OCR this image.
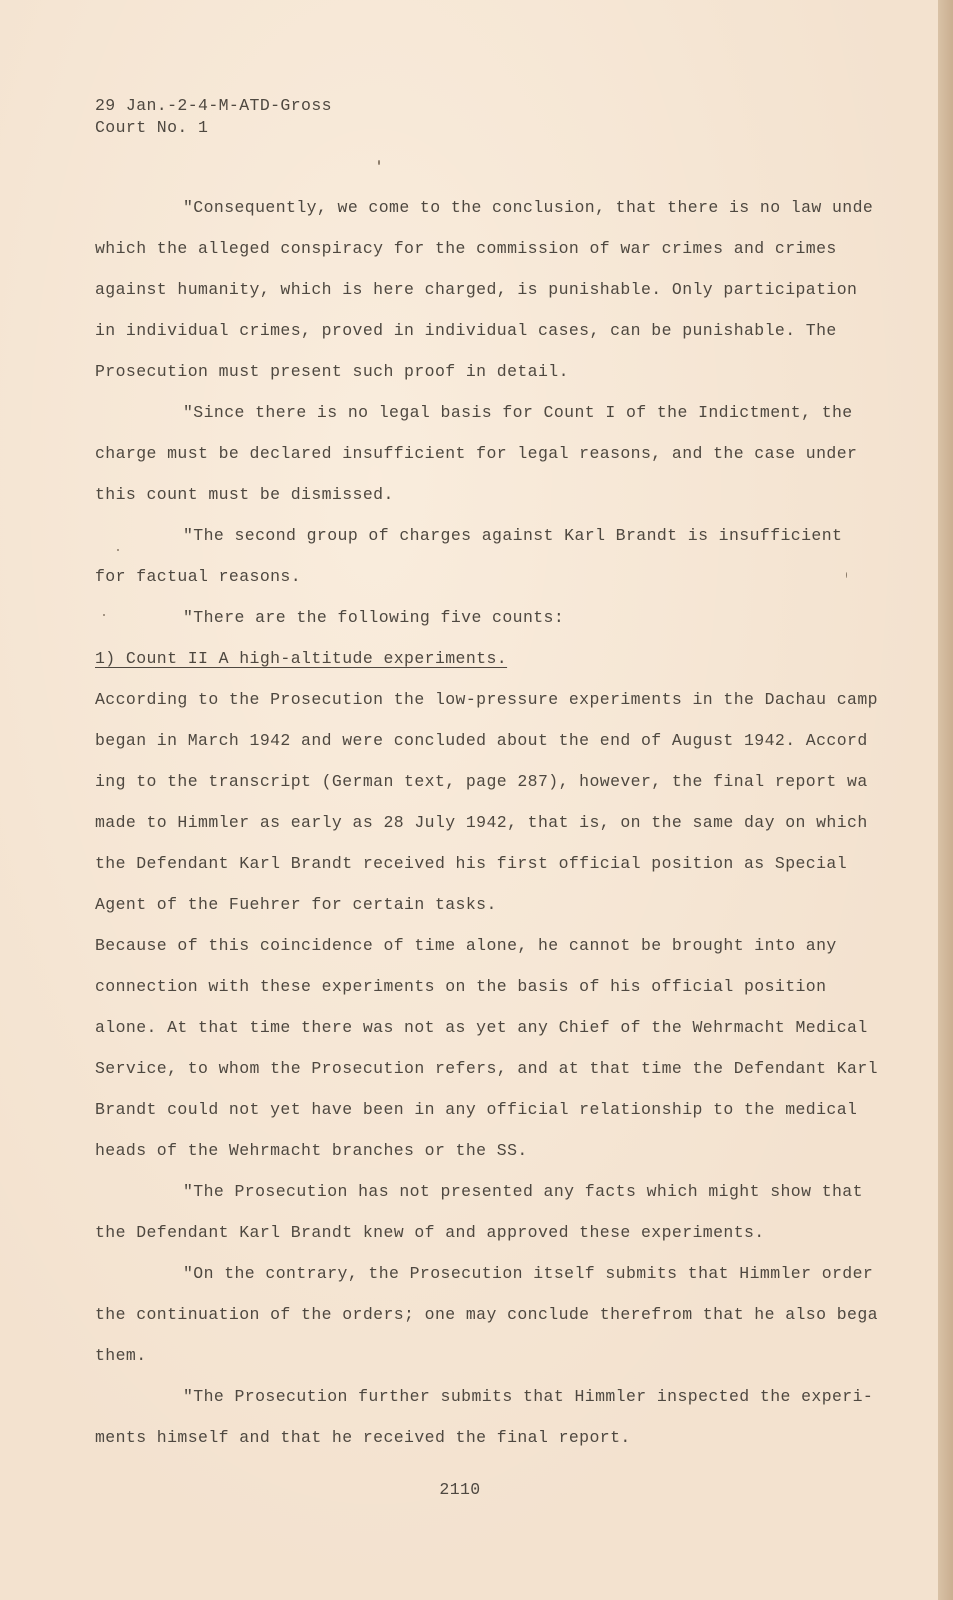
29 Jan.-2-4-M-ATD-Gross
Court No. 1
"Consequently, we come to the conclusion, that there is no law unde
which the alleged conspiracy for the commission of war crimes and crimes
against humanity, which is here charged, is punishable. Only participation
in individual crimes, proved in individual cases, can be punishable. The
Prosecution must present such proof in detail.
"Since there is no legal basis for Count I of the Indictment, the
charge must be declared insufficient for legal reasons, and the case under
this count must be dismissed.
"The second group of charges against Karl Brandt is insufficient
for factual reasons.
"There are the following five counts:
1) Count II A high-altitude experiments.
According to the Prosecution the low-pressure experiments in the Dachau camp
began in March 1942 and were concluded about the end of August 1942. Accord
ing to the transcript (German text, page 287), however, the final report wa
made to Himmler as early as 28 July 1942, that is, on the same day on which
the Defendant Karl Brandt received his first official position as Special
Agent of the Fuehrer for certain tasks.
Because of this coincidence of time alone, he cannot be brought into any
connection with these experiments on the basis of his official position
alone. At that time there was not as yet any Chief of the Wehrmacht Medical
Service, to whom the Prosecution refers, and at that time the Defendant Karl
Brandt could not yet have been in any official relationship to the medical
heads of the Wehrmacht branches or the SS.
"The Prosecution has not presented any facts which might show that
the Defendant Karl Brandt knew of and approved these experiments.
"On the contrary, the Prosecution itself submits that Himmler order
the continuation of the orders; one may conclude therefrom that he also bega
them.
"The Prosecution further submits that Himmler inspected the experi-
ments himself and that he received the final report.
2110
